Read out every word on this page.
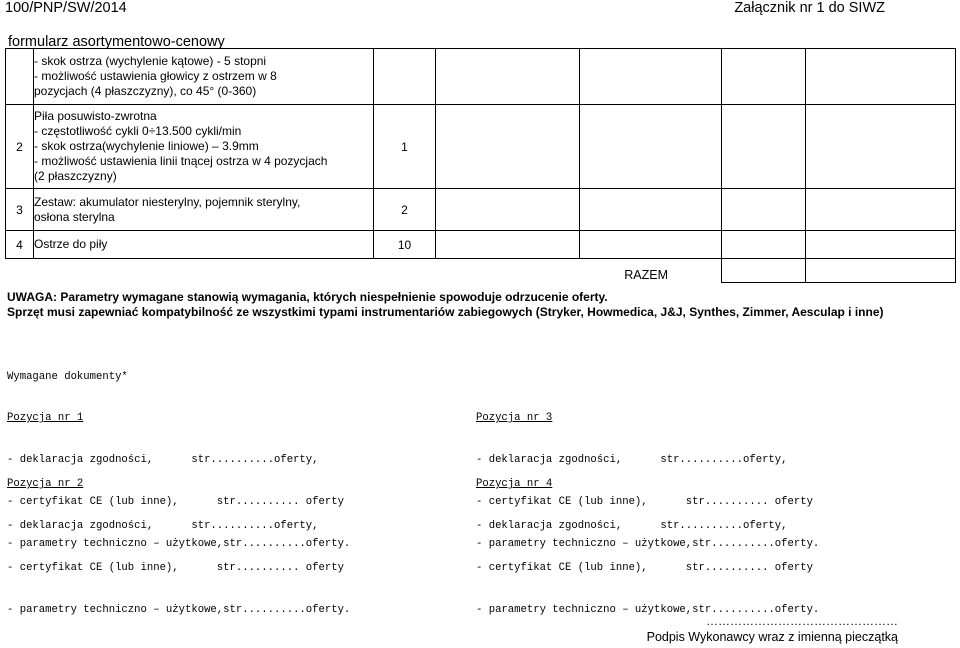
100/PNP/SW/2014	Załącznik nr 1 do SIWZ
formularz asortymentowo-cenowy

	- skok ostrza (wychylenie kątowe) - 5 stopni
- możliwość ustawienia głowicy z ostrzem w 8
pozycjach (4 płaszczyzny), co 45° (0-360)					

2	Piła posuwisto-zwrotna
- częstotliwość cykli 0÷13.500 cykli/min
- skok ostrza(wychylenie liniowe) – 3.9mm
- możliwość ustawienia linii tnącej ostrza w 4 pozycjach
(2 płaszczyzny)	1				
3	Zestaw: akumulator niesterylny, pojemnik sterylny,
osłona sterylna	2				
4	Ostrze do piły	10				

RAZEM
UWAGA: Parametry wymagane stanowią wymagania, których niespełnienie spowoduje odrzucenie oferty.
Sprzęt musi zapewniać kompatybilność ze wszystkimi typami instrumentariów zabiegowych (Stryker, Howmedica, J&J, Synthes, Zimmer, Aesculap i inne)
Wymagane dokumenty*

Pozycja nr 1

- deklaracja zgodności,      str..........oferty,

- certyfikat CE (lub inne),      str.......... oferty

- parametry techniczno – użytkowe,str..........oferty.

Pozycja nr 2

- deklaracja zgodności,      str..........oferty,

- certyfikat CE (lub inne),      str.......... oferty

- parametry techniczno – użytkowe,str..........oferty.

Pozycja nr 3

- deklaracja zgodności,      str..........oferty,

- certyfikat CE (lub inne),      str.......... oferty

- parametry techniczno – użytkowe,str..........oferty.

Pozycja nr 4

- deklaracja zgodności,      str..........oferty,

- certyfikat CE (lub inne),      str.......... oferty

- parametry techniczno – użytkowe,str..........oferty.

…………………………………………
Podpis Wykonawcy wraz z imienną pieczątką
